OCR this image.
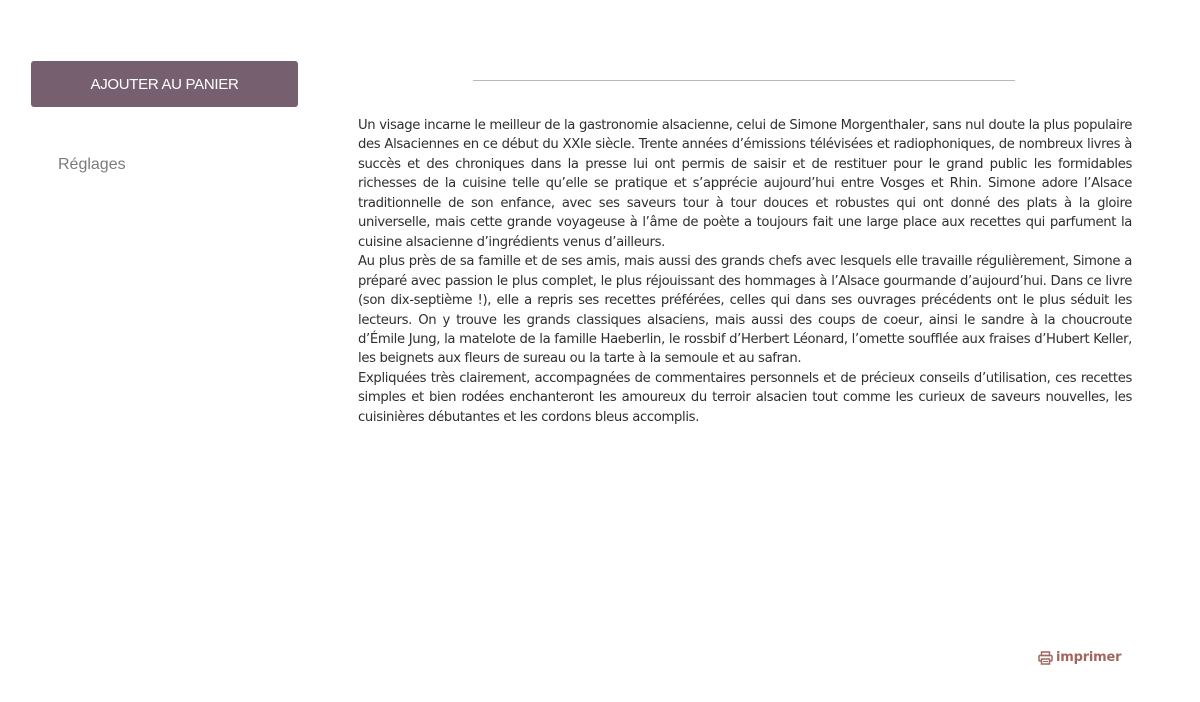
AJOUTER AU PANIER
Réglages

Un visage incarne le meilleur de la gastronomie alsacienne, celui de Simone Morgenthaler, sans nul doute la plus populaire des Alsaciennes en ce début du XXIe siècle. Trente années d’émissions télévisées et radiophoniques, de nombreux livres à succès et des chroniques dans la presse lui ont permis de saisir et de restituer pour le grand public les formidables richesses de la cuisine telle qu’elle se pratique et s’apprécie aujourd’hui entre Vosges et Rhin. Simone adore l’Alsace traditionnelle de son enfance, avec ses saveurs tour à tour douces et robustes qui ont donné des plats à la gloire universelle, mais cette grande voyageuse à l’âme de poète a toujours fait une large place aux recettes qui parfument la cuisine alsacienne d’ingrédients venus d’ailleurs.

Au plus près de sa famille et de ses amis, mais aussi des grands chefs avec lesquels elle travaille régulièrement, Simone a préparé avec passion le plus complet, le plus réjouissant des hommages à l’Alsace gourmande d’aujourd’hui. Dans ce livre (son dix-septième !), elle a repris ses recettes préférées, celles qui dans ses ouvrages précédents ont le plus séduit les lecteurs. On y trouve les grands classiques alsaciens, mais aussi des coups de coeur, ainsi le sandre à la choucroute d’Émile Jung, la matelote de la famille Haeberlin, le rossbif d’Herbert Léonard, l’omette soufflée aux fraises d’Hubert Keller, les beignets aux fleurs de sureau ou la tarte à la semoule et au safran.

Expliquées très clairement, accompagnées de commentaires personnels et de précieux conseils d’utilisation, ces recettes simples et bien rodées enchanteront les amoureux du terroir alsacien tout comme les curieux de saveurs nouvelles, les cuisinières débutantes et les cordons bleus accomplis.

imprimer
